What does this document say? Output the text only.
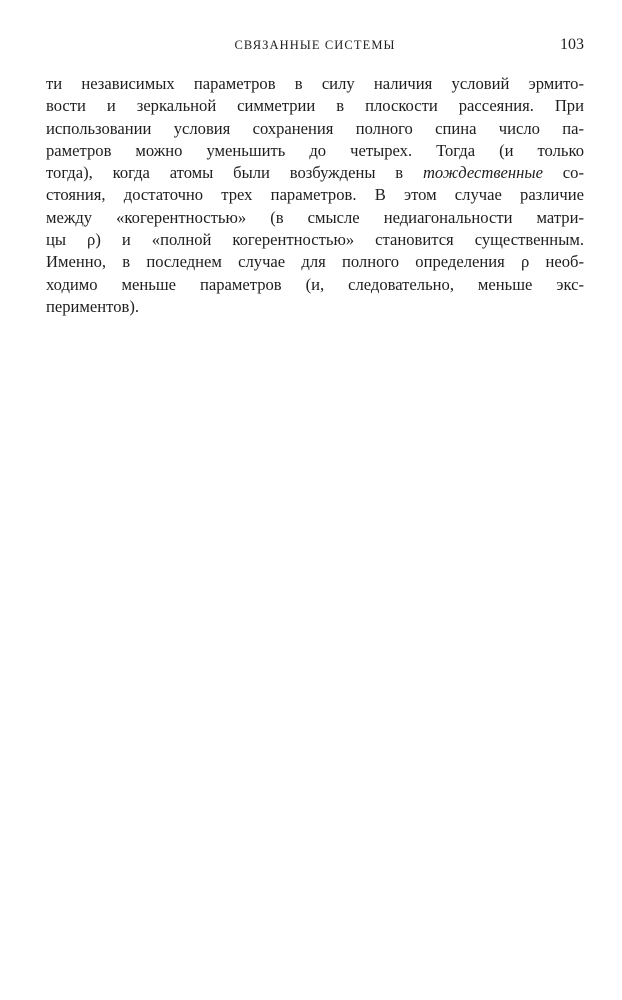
СВЯЗАННЫЕ СИСТЕМЫ	103
ти независимых параметров в силу наличия условий эрмито-
вости и зеркальной симметрии в плоскости рассеяния. При
использовании условия сохранения полного спина число па-
раметров можно уменьшить до четырех. Тогда (и только
тогда), когда атомы были возбуждены в тождественные со-
стояния, достаточно трех параметров. В этом случае различие
между «когерентностью» (в смысле недиагональности матри-
цы ρ) и «полной когерентностью» становится существенным.
Именно, в последнем случае для полного определения ρ необ-
ходимо меньше параметров (и, следовательно, меньше экс-
периментов).
